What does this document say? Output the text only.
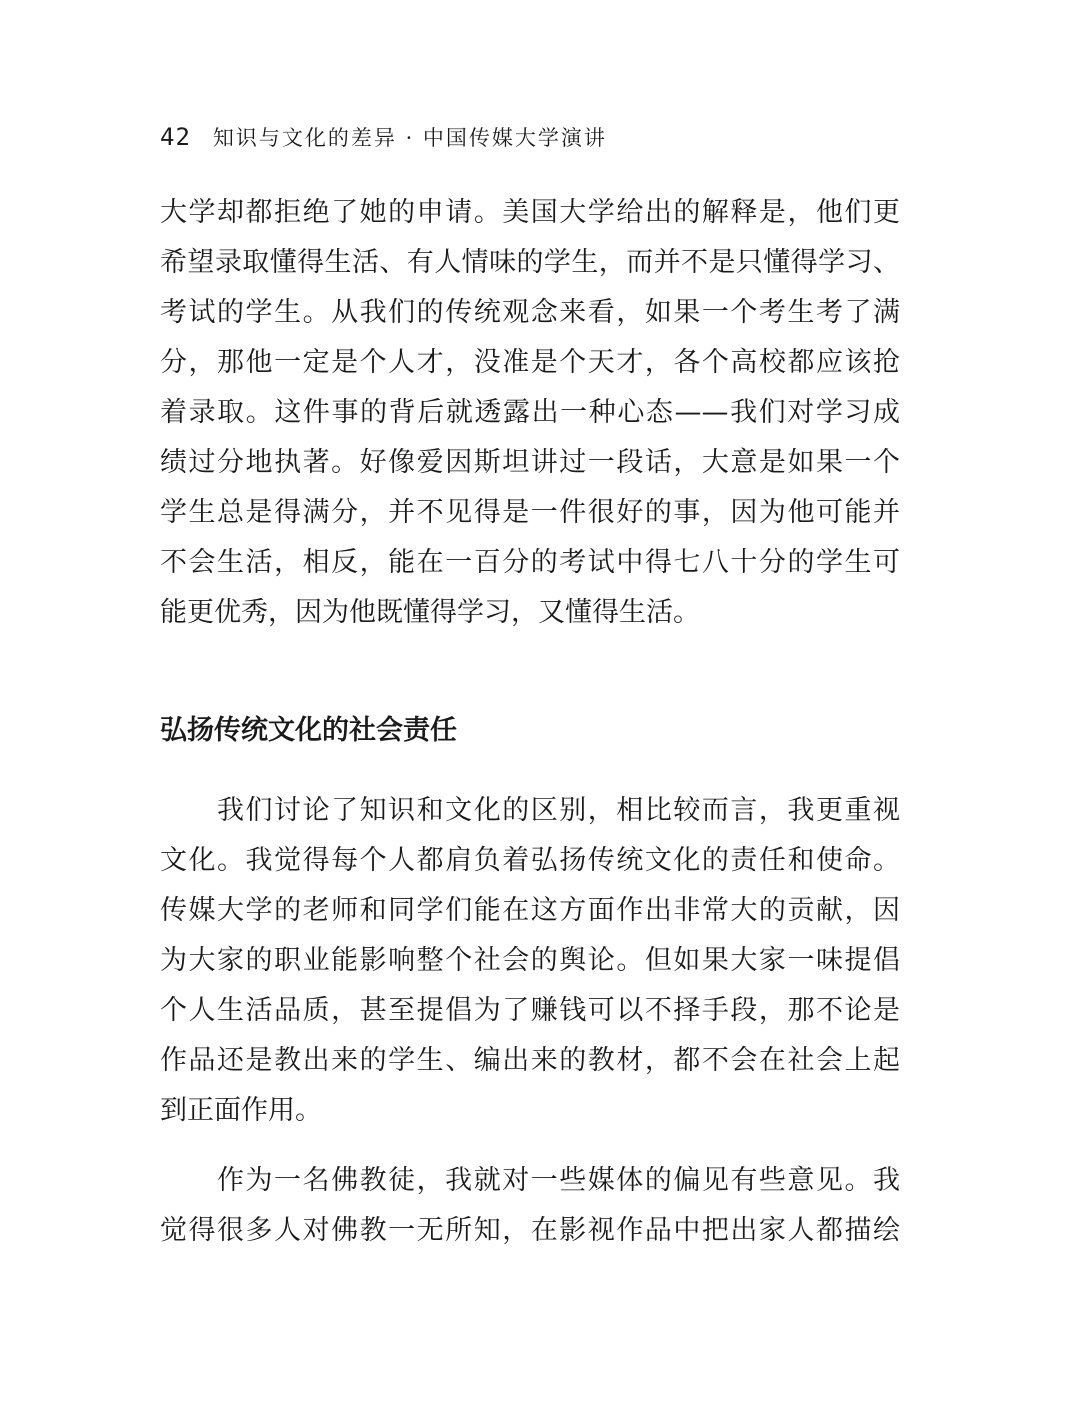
42 知识与文化的差异 · 中国传媒大学演讲
大学却都拒绝了她的申请。美国大学给出的解释是，他们更
希望录取懂得生活、有人情味的学生，而并不是只懂得学习、
考试的学生。从我们的传统观念来看，如果一个考生考了满
分，那他一定是个人才，没准是个天才，各个高校都应该抢
着录取。这件事的背后就透露出一种心态——我们对学习成
绩过分地执著。好像爱因斯坦讲过一段话，大意是如果一个
学生总是得满分，并不见得是一件很好的事，因为他可能并
不会生活，相反，能在一百分的考试中得七八十分的学生可
能更优秀，因为他既懂得学习，又懂得生活。
弘扬传统文化的社会责任
我们讨论了知识和文化的区别，相比较而言，我更重视
文化。我觉得每个人都肩负着弘扬传统文化的责任和使命。
传媒大学的老师和同学们能在这方面作出非常大的贡献，因
为大家的职业能影响整个社会的舆论。但如果大家一味提倡
个人生活品质，甚至提倡为了赚钱可以不择手段，那不论是
作品还是教出来的学生、编出来的教材，都不会在社会上起
到正面作用。
作为一名佛教徒，我就对一些媒体的偏见有些意见。我
觉得很多人对佛教一无所知，在影视作品中把出家人都描绘
